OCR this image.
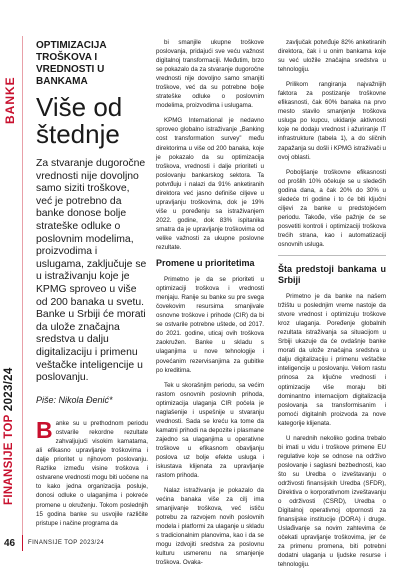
BANKE
FINANSIJE TOP 2023/24
OPTIMIZACIJA TROŠKOVA I VREDNOSTI U BANKAMA
Više od štednje

Za stvaranje dugoročne vrednosti nije dovoljno samo siziti troškove, već je potrebno da banke donose bolje strateške odluke o poslovnim modelima, proizvodima i uslugama, zaključuje se u istraživanju koje je KPMG sproveo u više od 200 banaka u svetu. Banke u Srbiji će morati da ulože značajna sredstva u dalju digitalizaciju i primenu veštačke inteligencije u poslovanju.

Piše: Nikola Đenić*

Banke su u prethodnom periodu ostvarile rekordne rezultate zahvaljujući visokim kamatama, ali efikasno upravljanje troškovima i dalje prioritet u njihovom poslovanju. Razlike između visine troškova i ostvarene vrednosti mogu biti uočene na to kako jedna organizacija posluje, donosi odluke o ulaganjima i pokreće promene u okruženju. Tokom poslednjih 15 godina banke su usvojile različite pristupe i načine programa da

bi smanjile ukupne troškove poslovanja, pridajući sve veću važnost digitalnoj transformaciji. Međutim, brzo se pokazalo da za stvaranje dugoročne vrednosti nije dovoljno samo smanjiti troškove, već da su potrebne bolje strateške odluke o poslovnim modelima, proizvodima i uslugama.

KPMG International je nedavno sproveo globalno istraživanje „Banking cost transformation survey” među direktorima u više od 200 banaka, koje je pokazalo da su optimizacija troškova, vrednosti i dalje prioriteti u poslovanju bankarskog sektora. Ta potvrđuju i nalazi da 91% anketiranih direktora već jasno definiše ciljeve u upravljanju troškovima, dok je 19% više u poređenju sa istraživanjem 2022. godine, dok 83% ispitanika smatra da je upravljanje troškovima od velike važnosti za ukupne poslovne rezultate.

Promene u prioritetima

Primetno je da se prioriteti u optimizaciji troškova i vrednosti menjaju. Ranije su banke su pre svega čovekovim resursima smanjivale osnovne troškove i prihode (CIR) da bi se ostvarile potrebne uštede, od 2017. do 2021. godine, uticaj ovih troškova zaokružen. Banke u skladu s ulaganjima u nove tehnologije i povećanim rezervisanjima za gubitke po kreditima.

Tek u skorašnjim periodu, sa većim rastom osnovnih poslovnih prihoda, optimizacija ulaganja CIR počela je naglašenije i uspešnije u stvaranju vrednosti. Sada se kreću ka tome da kamatni prihodi na depozite i plasmane zajedno sa ulaganjima u operativne troškove u efikasnom obavljanju poslova uz bolje efekte usluga i iskustava klijenata za upravljanje rastom prihoda.

Nalaz istraživanja je pokazalo da većina banaka više za cilj ima smanjivanje troškova, već ističu potrebu za razvojem novih poslovnih modela i platformi za ulaganje u skladu s tradicionalnim planovima, kao i da se mogu izdvojiti sredstva za poslovnu kulturu usmerenu na smanjenje troškova. Ovaka-

zavljučak potvrđuje 82% anketiranih direktora, čak i u onim bankama koje su već uložile značajna sredstva u tehnologiju.

Prilikom rangiranja najvažnijih faktora za postizanje troškovne efikasnosti, čak 60% banaka na prvo mesto stavilo smanjenje troškova usluga po kupcu, ukidanje aktivnosti koje ne dodaju vrednost i ažuriranje IT infrastrukture (tabela 1), a do sličnih zapažanja su došli i KPMG istraživači u ovoj oblasti.

Poboljšanje troškovne efikasnosti od prošlih 10% očekuje se u sledećih godina dana, a čak 20% do 30% u sledeće tri godine i to će biti ključni ciljevi za banke u predstojećem periodu. Takođe, više pažnje će se posvetiti kontroli i optimizaciji troškova trećih strana, kao i automatizaciji osnovnih usluga.

Šta predstoji bankama u Srbiji

Primetno je da banke na našem tržištu u poslednjim vreme nastoje da stvore vrednost i optimizuju troškove kroz ulaganja. Poređenje globalnih rezultata istraživanja sa situacijom u Srbiji ukazuje da će ovdašnje banke morati da ulože značajna sredstva u dalju digitalizaciju i primenu veštačke inteligencije u poslovanju. Veliom rastu prinosa za ključne vrednosti i optimizacije više moraju biti dominantno internacijom digitalizacija poslovanja sa transformisanim i pomoći digitalnih proizvoda za nove kategorije klijenata.

U narednih nekoliko godina trebalo bi imati u vidu i troškove primene EU regulative koje se odnose na održivo poslovanje i saglasni bezbednosti, kao što su Uredba o izveštavanju o održivosti finansijskih Uredba (SFDR), Direktiva o korporativnom izveštavanju o održivosti (CSRD), Uredba o Digitalnoj operativnoj otpornosti za finansijske institucije (DORA) i druge. Uslađivanje sa novim zahtevima će očekati upravljanje troškovima, jer će za primenu promena, biti potrebni dodatni ulaganja u ljudske resurse i tehnologiju.

46 FINANSIJE TOP 2023/24
